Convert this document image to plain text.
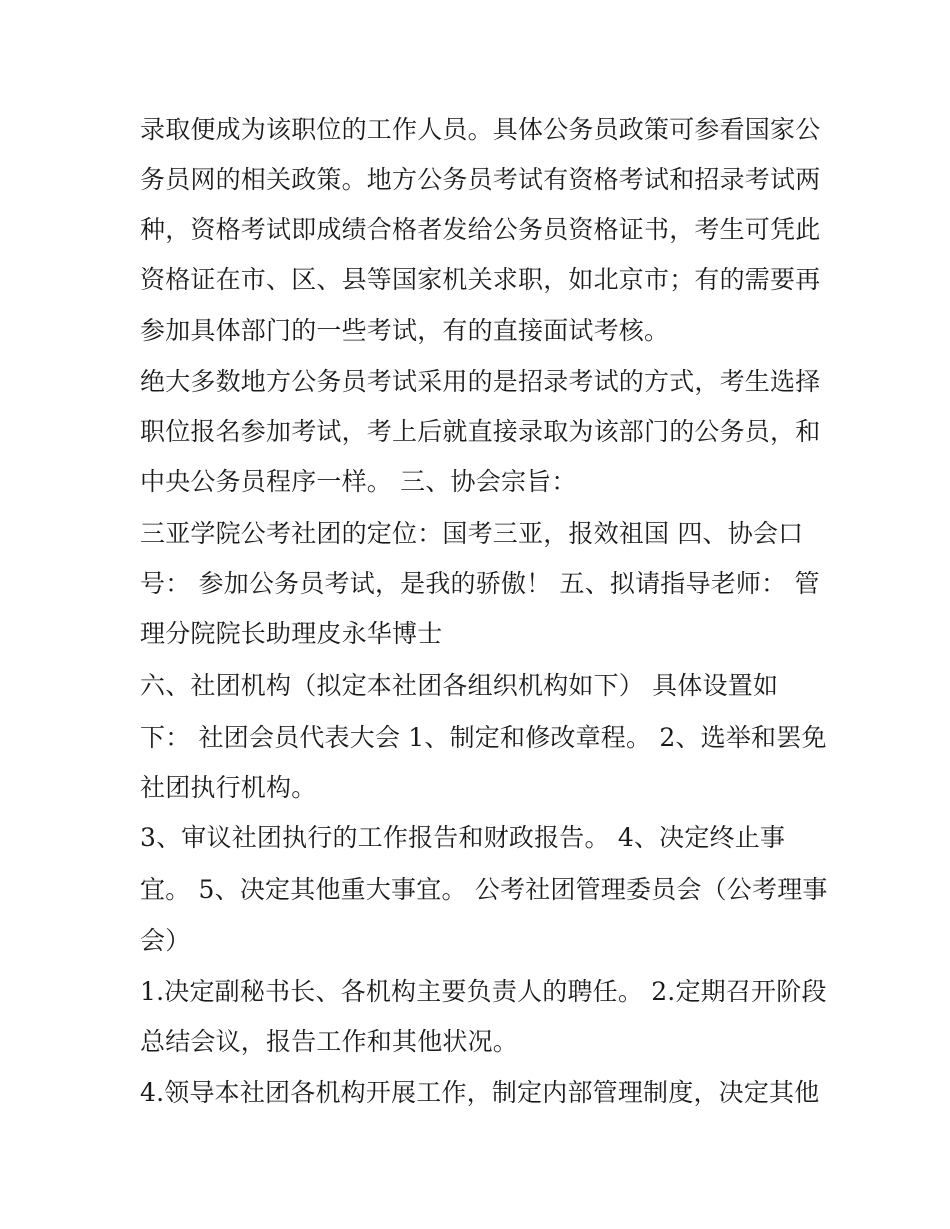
录取便成为该职位的工作人员。具体公务员政策可参看国家公
务员网的相关政策。地方公务员考试有资格考试和招录考试两
种，资格考试即成绩合格者发给公务员资格证书，考生可凭此
资格证在市、区、县等国家机关求职，如北京市；有的需要再
参加具体部门的一些考试，有的直接面试考核。
绝大多数地方公务员考试采用的是招录考试的方式，考生选择
职位报名参加考试，考上后就直接录取为该部门的公务员，和
中央公务员程序一样。 三、协会宗旨：
三亚学院公考社团的定位：国考三亚，报效祖国 四、协会口
号： 参加公务员考试，是我的骄傲！ 五、拟请指导老师： 管
理分院院长助理皮永华博士
六、社团机构（拟定本社团各组织机构如下） 具体设置如
下： 社团会员代表大会 1、制定和修改章程。 2、选举和罢免
社团执行机构。
3、审议社团执行的工作报告和财政报告。 4、决定终止事
宜。 5、决定其他重大事宜。 公考社团管理委员会（公考理事
会）
1.决定副秘书长、各机构主要负责人的聘任。 2.定期召开阶段
总结会议，报告工作和其他状况。
4.领导本社团各机构开展工作，制定内部管理制度，决定其他
